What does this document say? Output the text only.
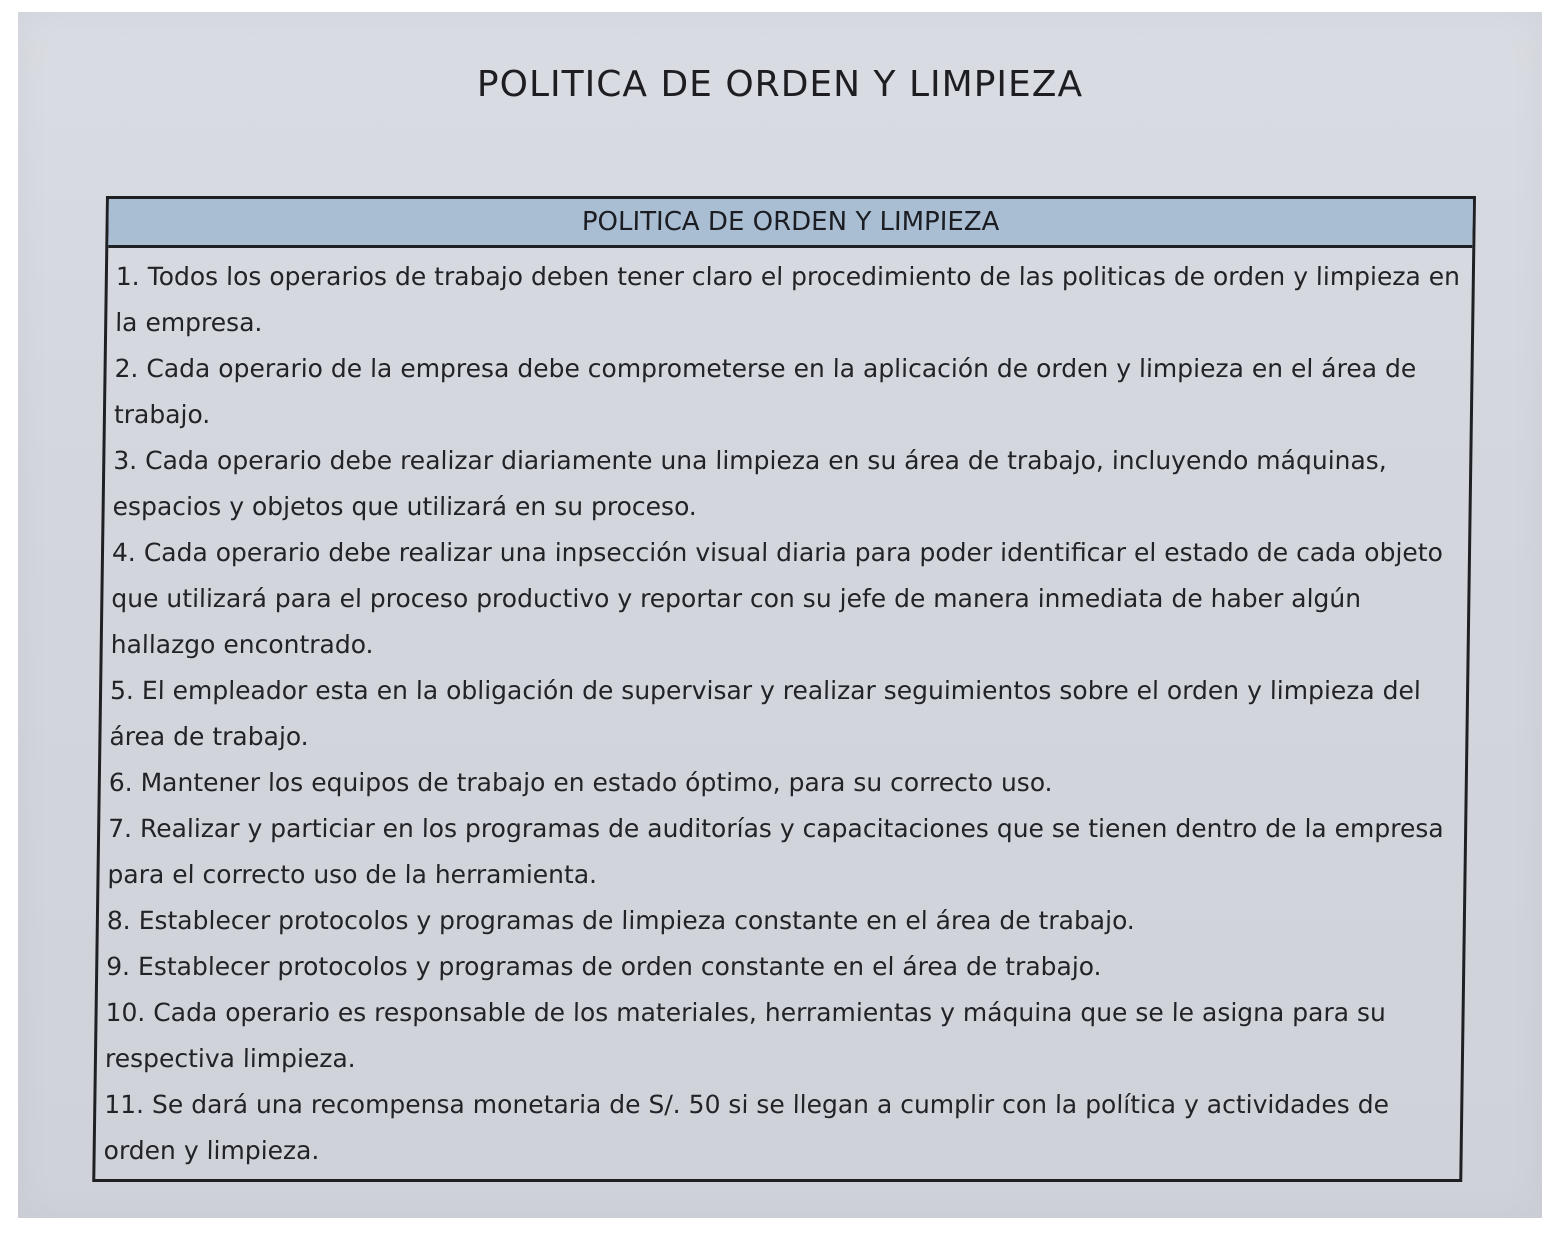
POLITICA DE ORDEN Y LIMPIEZA
POLITICA DE ORDEN Y LIMPIEZA
1. Todos los operarios de trabajo deben tener claro el procedimiento de las politicas de orden y limpieza en la empresa.
2. Cada operario de la empresa debe comprometerse en la aplicación de orden y limpieza en el área de trabajo.
3. Cada operario debe realizar diariamente una limpieza en su área de trabajo, incluyendo máquinas, espacios y objetos que utilizará en su proceso.
4. Cada operario debe realizar una inpsección visual diaria para poder identificar el estado de cada objeto que utilizará para el proceso productivo y reportar con su jefe de manera inmediata de haber algún hallazgo encontrado.
5. El empleador esta en la obligación de supervisar y realizar seguimientos sobre el orden y limpieza del área de trabajo.
6. Mantener los equipos de trabajo en estado óptimo, para su correcto uso.
7. Realizar y particiar en los programas de auditorías y capacitaciones que se tienen dentro de la empresa para el correcto uso de la herramienta.
8. Establecer protocolos y programas de limpieza constante en el área de trabajo.
9. Establecer protocolos y programas de orden constante en el área de trabajo.
10. Cada operario es responsable de los materiales, herramientas y máquina que se le asigna para su respectiva limpieza.
11. Se dará una recompensa monetaria de S/. 50 si se llegan a cumplir con la política y actividades de orden y limpieza.
